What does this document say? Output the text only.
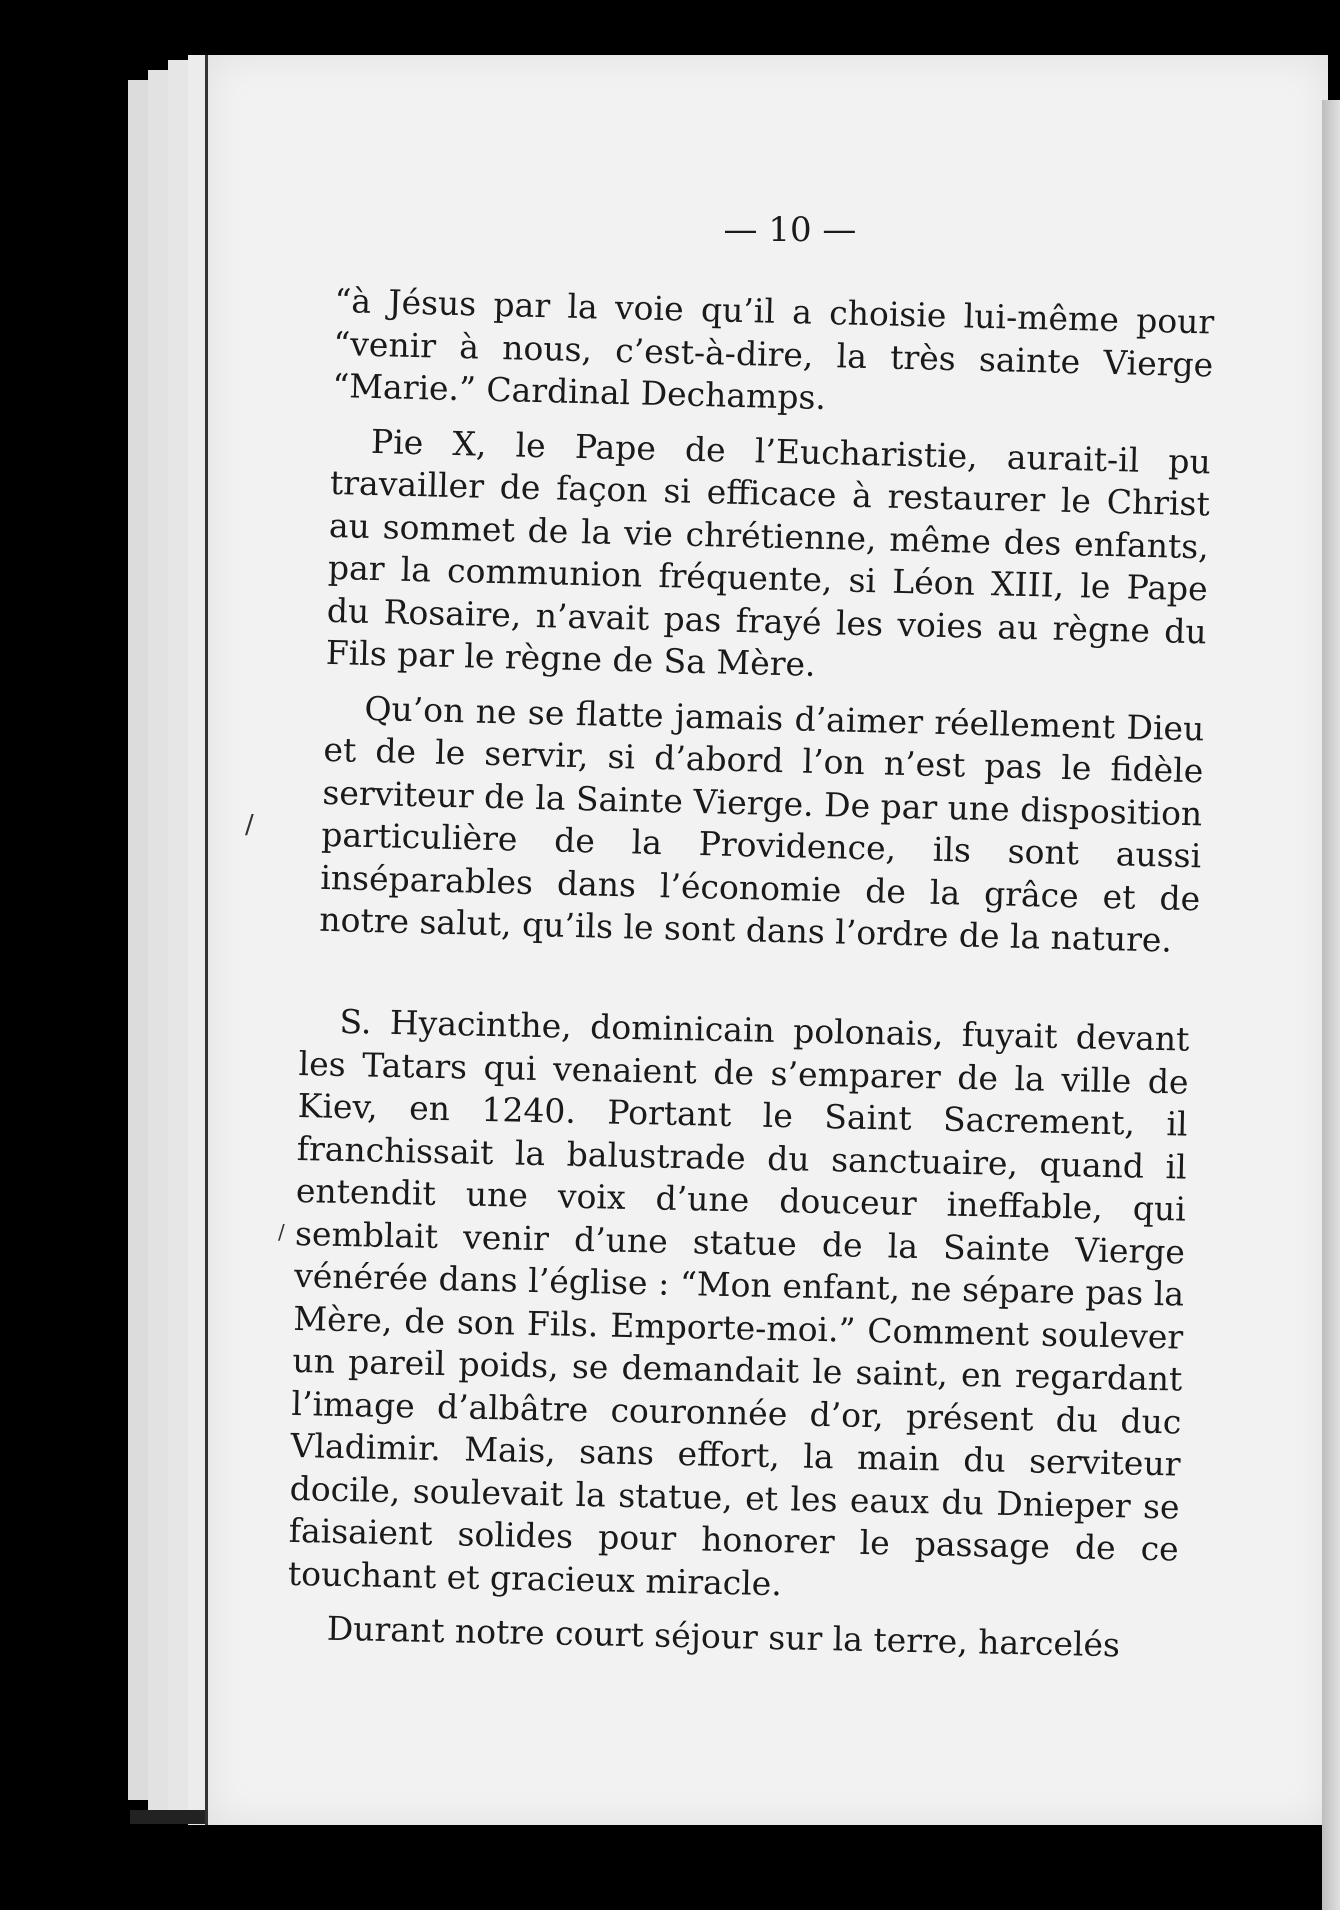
— 10 —

“à Jésus par la voie qu’il a choisie lui-même pour “venir à nous, c’est-à-dire, la très sainte Vierge “Marie.” Cardinal Dechamps.

Pie X, le Pape de l’Eucharistie, aurait-il pu travailler de façon si efficace à restaurer le Christ au sommet de la vie chrétienne, même des enfants, par la communion fréquente, si Léon XIII, le Pape du Rosaire, n’avait pas frayé les voies au règne du Fils par le règne de Sa Mère.

Qu’on ne se flatte jamais d’aimer réellement Dieu et de le servir, si d’abord l’on n’est pas le fidèle serviteur de la Sainte Vierge. De par une disposition particulière de la Providence, ils sont aussi inséparables dans l’économie de la grâce et de notre salut, qu’ils le sont dans l’ordre de la nature.

S. Hyacinthe, dominicain polonais, fuyait devant les Tatars qui venaient de s’emparer de la ville de Kiev, en 1240. Portant le Saint Sacrement, il franchissait la balustrade du sanctuaire, quand il entendit une voix d’une douceur ineffable, qui semblait venir d’une statue de la Sainte Vierge vénérée dans l’église : “Mon enfant, ne sépare pas la Mère, de son Fils. Emporte-moi.” Comment soulever un pareil poids, se demandait le saint, en regardant l’image d’albâtre couronnée d’or, présent du duc Vladimir. Mais, sans effort, la main du serviteur docile, soulevait la statue, et les eaux du Dnieper se faisaient solides pour honorer le passage de ce touchant et gracieux miracle.

Durant notre court séjour sur la terre, harcelés

/
/
